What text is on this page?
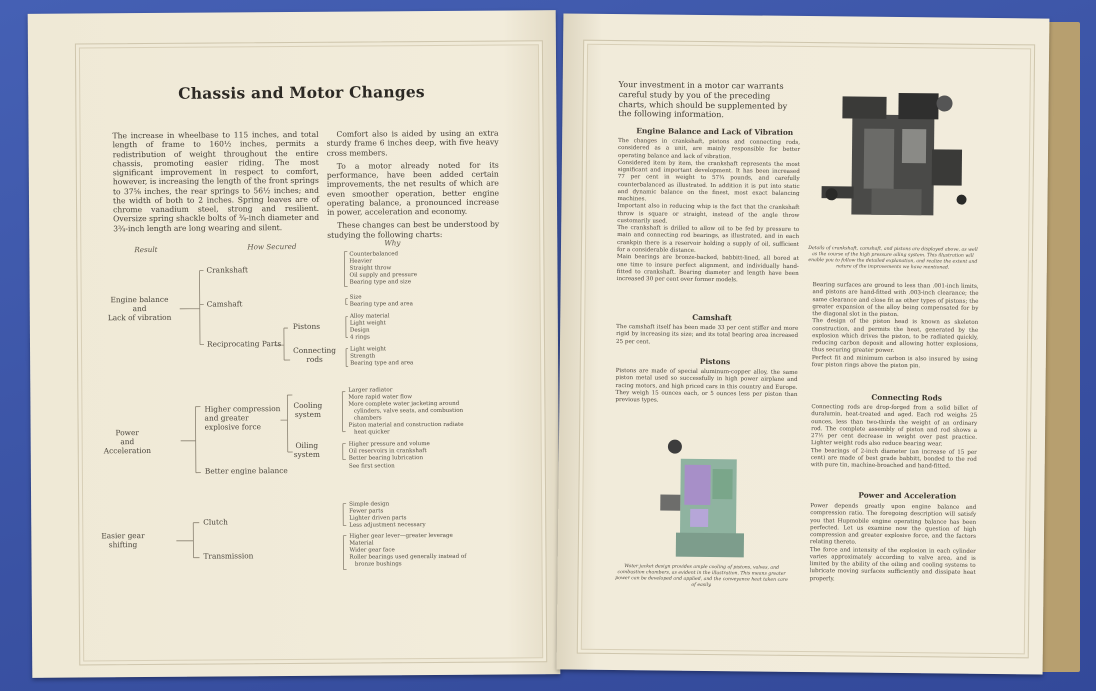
Chassis and Motor Changes

The increase in wheelbase to 115 inches, and total length of frame to 160½ inches, permits a redistribution of weight throughout the entire chassis, promoting easier riding. The most significant improvement in respect to comfort, however, is increasing the length of the front springs to 37⅝ inches, the rear springs to 56½ inches; and the width of both to 2 inches. Spring leaves are of chrome vanadium steel, strong and resilient. Oversize spring shackle bolts of ¾-inch diameter and 3¾-inch length are long wearing and silent.

Comfort also is aided by using an extra sturdy frame 6 inches deep, with five heavy cross members.

To a motor already noted for its performance, have been added certain improvements, the net results of which are even smoother operation, better engine operating balance, a pronounced increase in power, acceleration and economy.

These changes can best be understood by studying the following charts:

Result	How Secured	Why
Engine balance
and
Lack of vibration
Power
and
Acceleration
Easier gear
shifting
Crankshaft
Camshaft
Reciprocating Parts
Pistons
Connecting
rods
Higher compression
and greater
explosive force
Cooling
system
Oiling
system
Better engine balance
Clutch
Transmission
Counterbalanced
Heavier
Straight throw
Oil supply and pressure
Bearing type and size
Size
Bearing type and area
Alloy material
Light weight
Design
4 rings
Light weight
Strength
Bearing type and area
Larger radiator
More rapid water flow
More complete water jacketing around
cylinders, valve seats, and combustion
chambers
Piston material and construction radiate
heat quicker
Higher pressure and volume
Oil reservoirs in crankshaft
Better bearing lubrication
See first section
Simple design
Fewer parts
Lighter driven parts
Less adjustment necessary
Higher gear lever—greater leverage
Material
Wider gear face
Roller bearings used generally instead of
bronze bushings

Your investment in a motor car warrants careful study by you of the preceding charts, which should be supplemented by the following information.

Engine Balance and Lack of Vibration

The changes in crankshaft, pistons and connecting rods, considered as a unit, are mainly responsible for better operating balance and lack of vibration.
Considered item by item, the crankshaft represents the most significant and important development. It has been increased 77 per cent in weight to 57¾ pounds, and carefully counterbalanced as illustrated. In addition it is put into static and dynamic balance on the finest, most exact balancing machines.
Important also in reducing whip is the fact that the crankshaft throw is square or straight, instead of the angle throw customarily used.
The crankshaft is drilled to allow oil to be fed by pressure to main and connecting rod bearings, as illustrated, and in each crankpin there is a reservoir holding a supply of oil, sufficient for a considerable distance.
Main bearings are bronze-backed, babbitt-lined, all bored at one time to insure perfect alignment, and individually hand-fitted to crankshaft. Bearing diameter and length have been increased 30 per cent over former models.

Camshaft

The camshaft itself has been made 33 per cent stiffer and more rigid by increasing its size; and its total bearing area increased 25 per cent.

Pistons

Pistons are made of special aluminum-copper alloy, the same piston metal used so successfully in high power airplane and racing motors, and high priced cars in this country and Europe. They weigh 15 ounces each, or 5 ounces less per piston than previous types.

Details of crankshaft, camshaft, and pistons are displayed above, as well as the course of the high pressure oiling system. This illustration will enable you to follow the detailed explanation, and realize the extent and nature of the improvements we have mentioned.

Bearing surfaces are ground to less than .001-inch limits, and pistons are hand-fitted with .003-inch clearance; the same clearance and close fit as other types of pistons; the greater expansion of the alloy being compensated for by the diagonal slot in the piston.
The design of the piston head is known as skeleton construction, and permits the heat, generated by the explosion which drives the piston, to be radiated quickly, reducing carbon deposit and allowing hotter explosions, thus securing greater power.
Perfect fit and minimum carbon is also insured by using four piston rings above the piston pin.

Connecting Rods

Connecting rods are drop-forged from a solid billet of duralumin, heat-treated and aged. Each rod weighs 25 ounces, less than two-thirds the weight of an ordinary rod. The complete assembly of piston and rod shows a 27½ per cent decrease in weight over past practice. Lighter weight rods also reduce bearing wear.
The bearings of 2-inch diameter (an increase of 15 per cent) are made of best grade babbitt, bonded to the rod with pure tin, machine-broached and hand-fitted.

Power and Acceleration

Power depends greatly upon engine balance and compression ratio. The foregoing description will satisfy you that Hupmobile engine operating balance has been perfected. Let us examine now the question of high compression and greater explosive force, and the factors relating thereto.
The force and intensity of the explosion in each cylinder varies approximately according to valve area, and is limited by the ability of the oiling and cooling systems to lubricate moving surfaces sufficiently and dissipate heat properly.

Water jacket design provides ample cooling of pistons, valves, and combustion chambers, as evident in the illustration. This means greater power can be developed and applied, and the conveyance heat taken care of easily.
